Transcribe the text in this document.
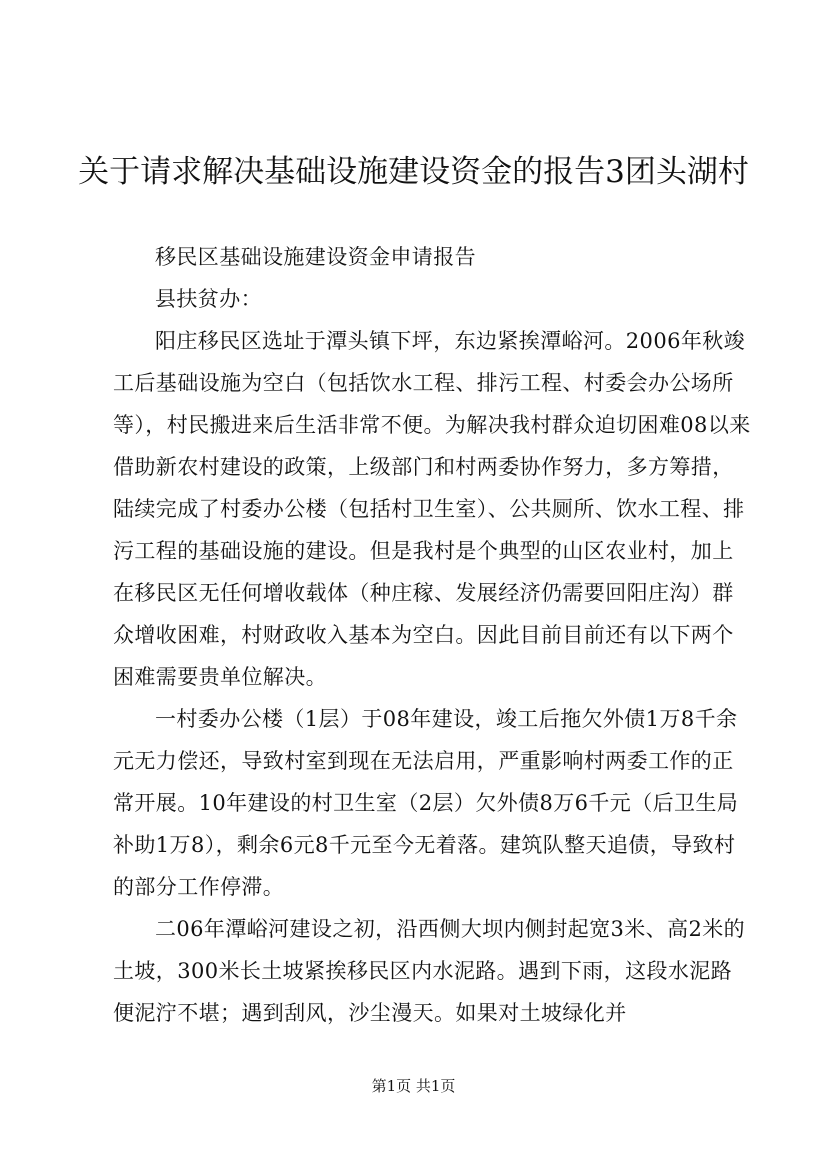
关于请求解决基础设施建设资金的报告3团头湖村

移民区基础设施建设资金申请报告

县扶贫办：

阳庄移民区选址于潭头镇下坪，东边紧挨潭峪河。2006年秋竣工后基础设施为空白（包括饮水工程、排污工程、村委会办公场所等），村民搬进来后生活非常不便。为解决我村群众迫切困难08以来借助新农村建设的政策，上级部门和村两委协作努力，多方筹措，陆续完成了村委办公楼（包括村卫生室）、公共厕所、饮水工程、排污工程的基础设施的建设。但是我村是个典型的山区农业村，加上在移民区无任何增收载体（种庄稼、发展经济仍需要回阳庄沟）群众增收困难，村财政收入基本为空白。因此目前目前还有以下两个困难需要贵单位解决。

一村委办公楼（1层）于08年建设，竣工后拖欠外债1万8千余元无力偿还，导致村室到现在无法启用，严重影响村两委工作的正常开展。10年建设的村卫生室（2层）欠外债8万6千元（后卫生局补助1万8），剩余6元8千元至今无着落。建筑队整天追债，导致村的部分工作停滞。

二06年潭峪河建设之初，沿西侧大坝内侧封起宽3米、高2米的土坡，300米长土坡紧挨移民区内水泥路。遇到下雨，这段水泥路便泥泞不堪；遇到刮风，沙尘漫天。如果对土坡绿化并

第1页 共1页
